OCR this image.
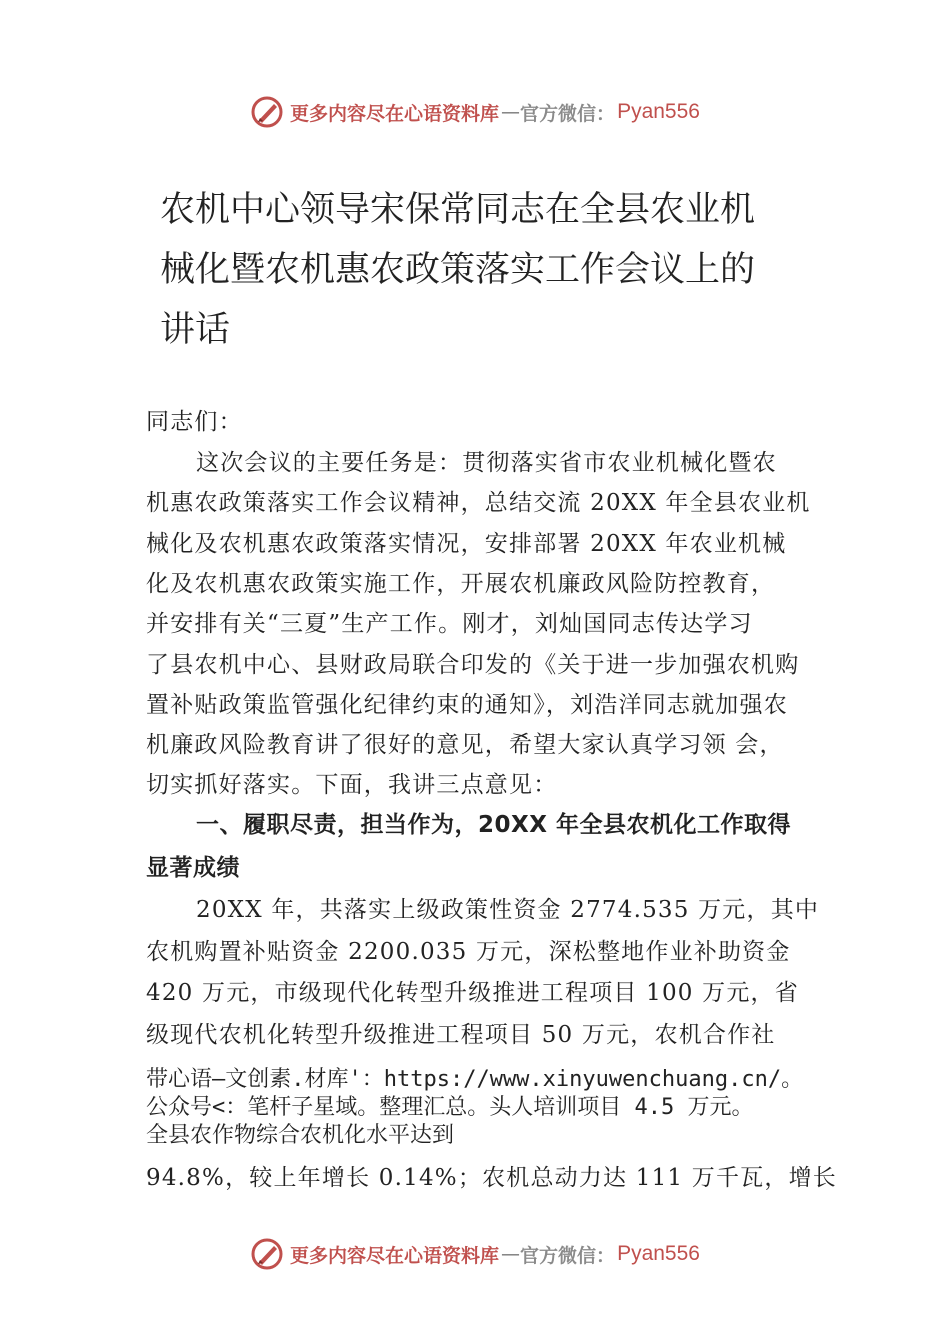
更多内容尽在心语资料库 — 官方微信： Pyan556
农机中心领导宋保常同志在全县农业机
械化暨农机惠农政策落实工作会议上的
讲话
同志们：
这次会议的主要任务是：贯彻落实省市农业机械化暨农
机惠农政策落实工作会议精神，总结交流 20XX 年全县农业机
械化及农机惠农政策落实情况，安排部署 20XX 年农业机械
化及农机惠农政策实施工作，开展农机廉政风险防控教育，
并安排有关“三夏”生产工作。刚才，刘灿国同志传达学习
了县农机中心、县财政局联合印发的《关于进一步加强农机购
置补贴政策监管强化纪律约束的通知》，刘浩洋同志就加强农
机廉政风险教育讲了很好的意见，希望大家认真学习领 会，
切实抓好落实。下面，我讲三点意见：
一、履职尽责，担当作为，20XX 年全县农机化工作取得
显著成绩
20XX 年，共落实上级政策性资金 2774.535 万元，其中
农机购置补贴资金 2200.035 万元，深松整地作业补助资金
420 万元，市级现代化转型升级推进工程项目 100 万元，省
级现代农机化转型升级推进工程项目 50 万元，农机合作社
带心语—文创素.材库'：https://www.xinyuwenchuang.cn/。
公众号<：笔杆子星域。整理汇总。头人培训项目 4.5 万元。
全县农作物综合农机化水平达到
94.8%，较上年增长 0.14%；农机总动力达 111 万千瓦，增长
更多内容尽在心语资料库 — 官方微信： Pyan556
